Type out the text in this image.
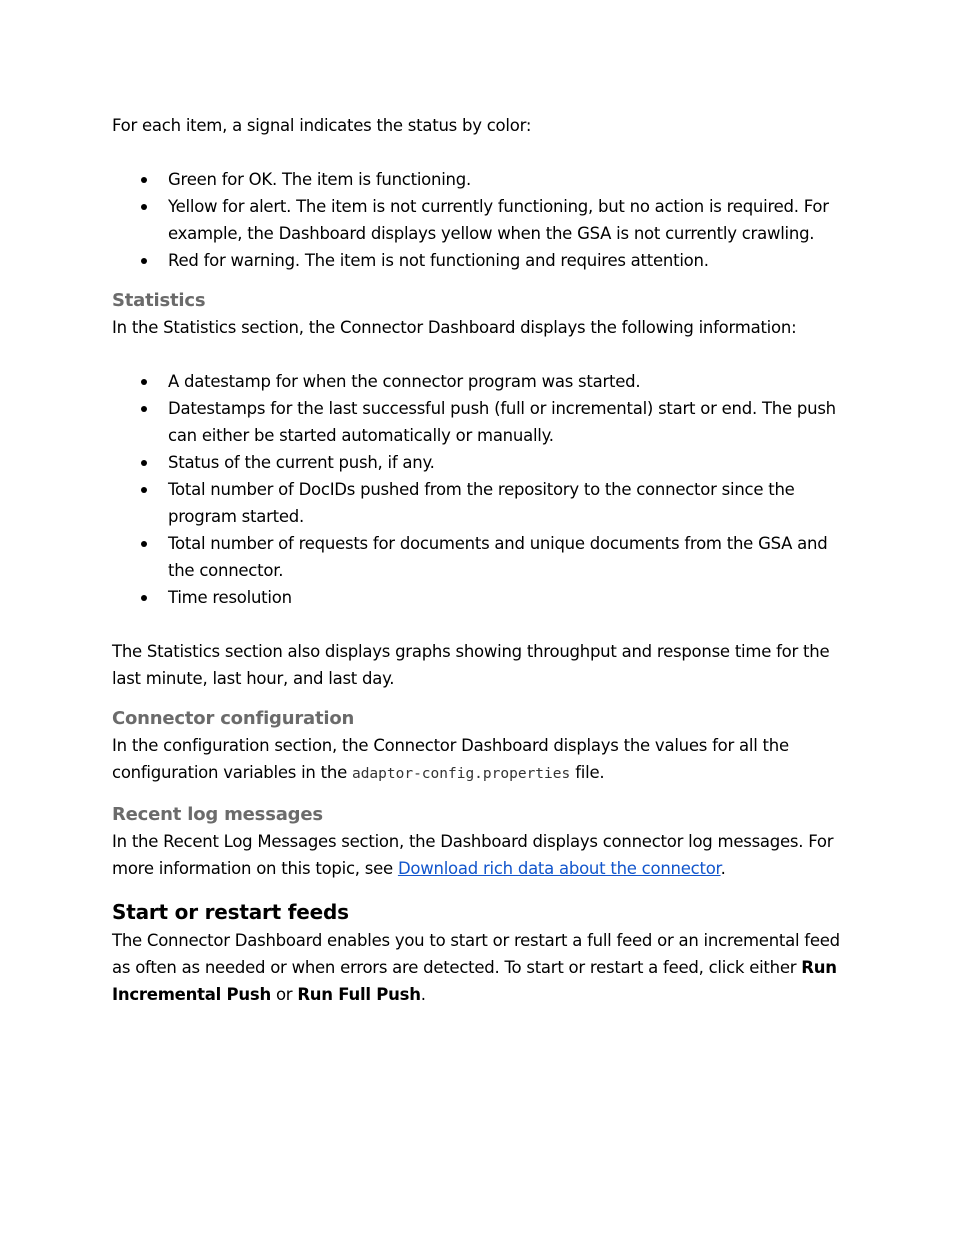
For each item, a signal indicates the status by color:

Green for OK. The item is functioning.
Yellow for alert. The item is not currently functioning, but no action is required. For example, the Dashboard displays yellow when the GSA is not currently crawling.
Red for warning. The item is not functioning and requires attention.
Statistics

In the Statistics section, the Connector Dashboard displays the following information:

A datestamp for when the connector program was started.
Datestamps for the last successful push (full or incremental) start or end. The push can either be started automatically or manually.
Status of the current push, if any.
Total number of DocIDs pushed from the repository to the connector since the program started.
Total number of requests for documents and unique documents from the GSA and the connector.
Time resolution

The Statistics section also displays graphs showing throughput and response time for the last minute, last hour, and last day.

Connector configuration

In the configuration section, the Connector Dashboard displays the values for all the configuration variables in the adaptor-config.properties file.

Recent log messages

In the Recent Log Messages section, the Dashboard displays connector log messages. For more information on this topic, see Download rich data about the connector.

Start or restart feeds

The Connector Dashboard enables you to start or restart a full feed or an incremental feed as often as needed or when errors are detected. To start or restart a feed, click either Run Incremental Push or Run Full Push.
